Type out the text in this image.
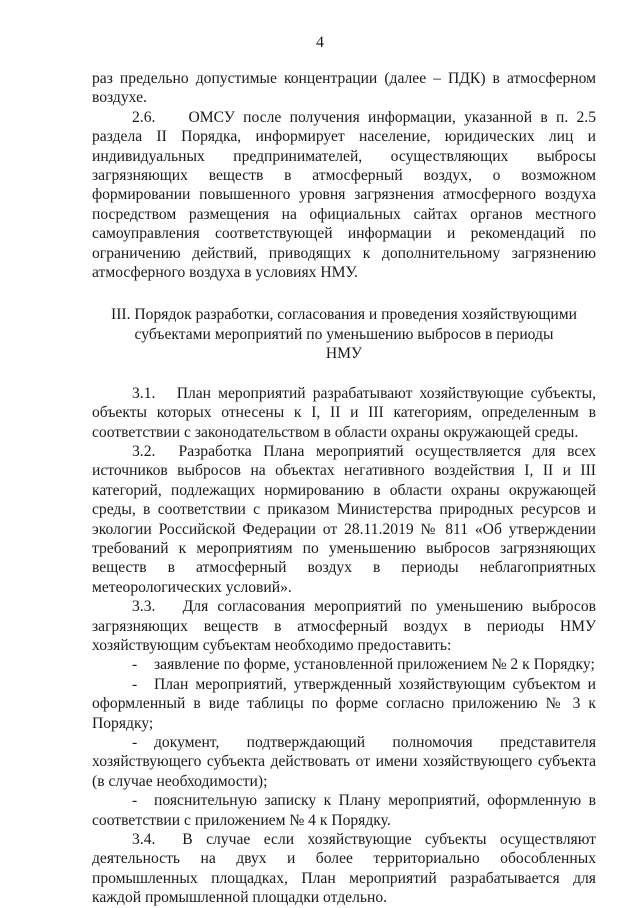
4

раз предельно допустимые концентрации (далее – ПДК) в атмосферном воздухе.

2.6.    ОМСУ после получения информации, указанной в п. 2.5 раздела II Порядка, информирует население, юридических лиц и индивидуальных предпринимателей, осуществляющих выбросы загрязняющих веществ в атмосферный воздух, о возможном формировании повышенного уровня загрязнения атмосферного воздуха посредством размещения на официальных сайтах органов местного самоуправления соответствующей информации и рекомендаций по ограничению действий, приводящих к дополнительному загрязнению атмосферного воздуха в условиях НМУ.

III. Порядок разработки, согласования и проведения хозяйствующими
субъектами мероприятий по уменьшению выбросов в периоды
НМУ

3.1.   План мероприятий разрабатывают хозяйствующие субъекты, объекты которых отнесены к I, II и III категориям, определенным в соответствии с законодательством в области охраны окружающей среды.

3.2.  Разработка Плана мероприятий осуществляется для всех источников выбросов на объектах негативного воздействия I, II и III категорий, подлежащих нормированию в области охраны окружающей среды, в соответствии с приказом Министерства природных ресурсов и экологии Российской Федерации от 28.11.2019 № 811 «Об утверждении требований к мероприятиям по уменьшению выбросов загрязняющих веществ в атмосферный воздух в периоды неблагоприятных метеорологических условий».

3.3.   Для согласования мероприятий по уменьшению выбросов загрязняющих веществ в атмосферный воздух в периоды НМУ хозяйствующим субъектам необходимо предоставить:

- заявление по форме, установленной приложением № 2 к Порядку;

- План мероприятий, утвержденный хозяйствующим субъектом и оформленный в виде таблицы по форме согласно приложению № 3 к Порядку;

- документ, подтверждающий полномочия представителя хозяйствующего субъекта действовать от имени хозяйствующего субъекта (в случае необходимости);

- пояснительную записку к Плану мероприятий, оформленную в соответствии с приложением № 4 к Порядку.

3.4.  В случае если хозяйствующие субъекты осуществляют деятельность на двух и более территориально обособленных промышленных площадках, План мероприятий разрабатывается для каждой промышленной площадки отдельно.
